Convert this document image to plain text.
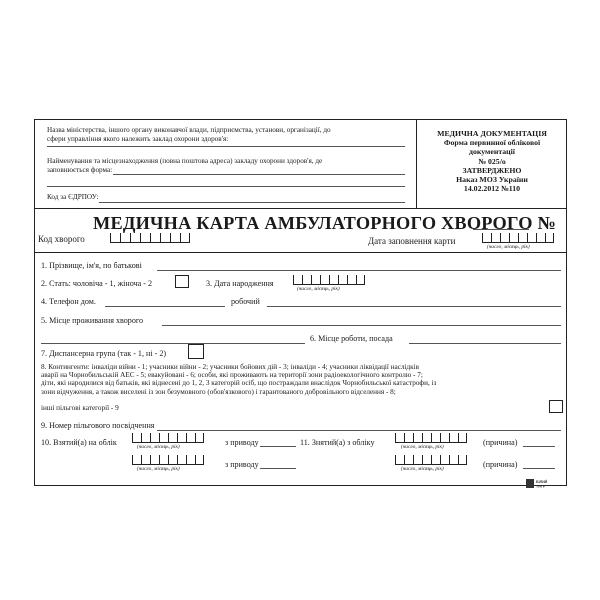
Назва міністерства, іншого органу виконавчої влади, підприємства, установи, організації, до
сфери управління якого належить заклад охорони здоров'я:
Найменування та місцезнаходження (повна поштова адреса) закладу охорони здоров'я, де
заповнюється форма:
Код за ЄДРПОУ:
МЕДИЧНА ДОКУМЕНТАЦІЯ
Форма первинної облікової
документації
№ 025/о
ЗАТВЕРДЖЕНО
Наказ МОЗ України
14.02.2012 №110
МЕДИЧНА КАРТА АМБУЛАТОРНОГО ХВОРОГО №
Код хворого	Дата заповнення карти
(число, місяць, рік)
1. Прізвище, ім'я, по батькові
2. Стать: чоловіча - 1, жіноча - 2	3. Дата народження
(число, місяць, рік)
4. Телефон дом.	робочий
5. Місце проживання хворого
6. Місце роботи, посада
7. Диспансерна група (так - 1, ні - 2)
8. Контингенти: інваліди війни - 1; учасники війни - 2; учасники бойових дій - 3; інваліди - 4; учасники ліквідації наслідків
аварії на Чорнобильській АЕС - 5; евакуйовані - 6; особи, які проживають на території зони радіоекологічного контролю - 7;
діти, які народилися від батьків, які віднесені до 1, 2, 3 категорій осіб, що постраждали внаслідок Чорнобильської катастрофи, із
зони відчуження, а також виселені із зон безумовного (обов'язкового) і гарантованого добровільного відселення - 8;
інші пільгові категорії - 9
9. Номер пільгового посвідчення
10. Взятий(а) на облік	(число, місяць, рік)	з приводу	11. Знятий(а) з обліку	(число, місяць, рік)	(причина)
(число, місяць, рік)	з приводу	(число, місяць, рік)	(причина)
БІЛИЙ
ТИГР
